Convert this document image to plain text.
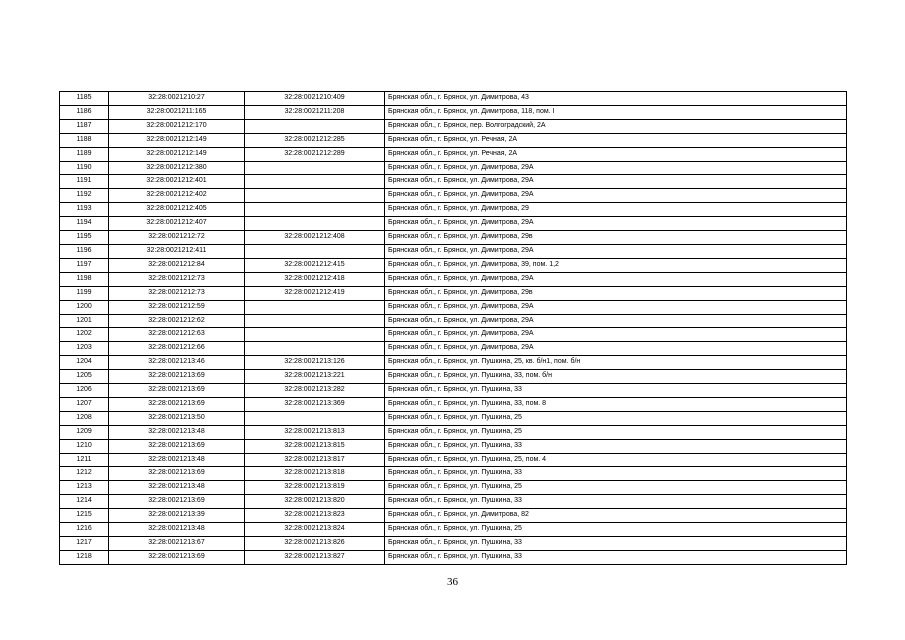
1185	32:28:0021210:27	32:28:0021210:409	Брянская обл., г. Брянск, ул. Димитрова, 43
1186	32:28:0021211:165	32:28:0021211:208	Брянская обл., г. Брянск, ул. Димитрова, 118, пом. I
1187	32:28:0021212:170		Брянская обл., г. Брянск, пер. Волгоградский, 2А
1188	32:28:0021212:149	32:28:0021212:285	Брянская обл., г. Брянск, ул. Речная, 2А
1189	32:28:0021212:149	32:28:0021212:289	Брянская обл., г. Брянск, ул. Речная, 2А
1190	32:28:0021212:380		Брянская обл., г. Брянск, ул. Димитрова, 29А
1191	32:28:0021212:401		Брянская обл., г. Брянск, ул. Димитрова, 29А
1192	32:28:0021212:402		Брянская обл., г. Брянск, ул. Димитрова, 29А
1193	32:28:0021212:405		Брянская обл., г. Брянск, ул. Димитрова, 29
1194	32:28:0021212:407		Брянская обл., г. Брянск, ул. Димитрова, 29А
1195	32:28:0021212:72	32:28:0021212:408	Брянская обл., г. Брянск, ул. Димитрова, 29в
1196	32:28:0021212:411		Брянская обл., г. Брянск, ул. Димитрова, 29А
1197	32:28:0021212:84	32:28:0021212:415	Брянская обл., г. Брянск, ул. Димитрова, 39, пом. 1,2
1198	32:28:0021212:73	32:28:0021212:418	Брянская обл., г. Брянск, ул. Димитрова, 29А
1199	32:28:0021212:73	32:28:0021212:419	Брянская обл., г. Брянск, ул. Димитрова, 29в
1200	32:28:0021212:59		Брянская обл., г. Брянск, ул. Димитрова, 29А
1201	32:28:0021212:62		Брянская обл., г. Брянск, ул. Димитрова, 29А
1202	32:28:0021212:63		Брянская обл., г. Брянск, ул. Димитрова, 29А
1203	32:28:0021212:66		Брянская обл., г. Брянск, ул. Димитрова, 29А
1204	32:28:0021213:46	32:28:0021213:126	Брянская обл., г. Брянск, ул. Пушкина, 25, кв. б/н1, пом. б/н
1205	32:28:0021213:69	32:28:0021213:221	Брянская обл., г. Брянск, ул. Пушкина, 33, пом. б/н
1206	32:28:0021213:69	32:28:0021213:282	Брянская обл., г. Брянск, ул. Пушкина, 33
1207	32:28:0021213:69	32:28:0021213:369	Брянская обл., г. Брянск, ул. Пушкина, 33, пом. 8
1208	32:28:0021213:50		Брянская обл., г. Брянск, ул. Пушкина, 25
1209	32:28:0021213:48	32:28:0021213:813	Брянская обл., г. Брянск, ул. Пушкина, 25
1210	32:28:0021213:69	32:28:0021213:815	Брянская обл., г. Брянск, ул. Пушкина, 33
1211	32:28:0021213:48	32:28:0021213:817	Брянская обл., г. Брянск, ул. Пушкина, 25, пом. 4
1212	32:28:0021213:69	32:28:0021213:818	Брянская обл., г. Брянск, ул. Пушкина, 33
1213	32:28:0021213:48	32:28:0021213:819	Брянская обл., г. Брянск, ул. Пушкина, 25
1214	32:28:0021213:69	32:28:0021213:820	Брянская обл., г. Брянск, ул. Пушкина, 33
1215	32:28:0021213:39	32:28:0021213:823	Брянская обл., г. Брянск, ул. Димитрова, 82
1216	32:28:0021213:48	32:28:0021213:824	Брянская обл., г. Брянск, ул. Пушкина, 25
1217	32:28:0021213:67	32:28:0021213:826	Брянская обл., г. Брянск, ул. Пушкина, 33
1218	32:28:0021213:69	32:28:0021213:827	Брянская обл., г. Брянск, ул. Пушкина, 33
36
